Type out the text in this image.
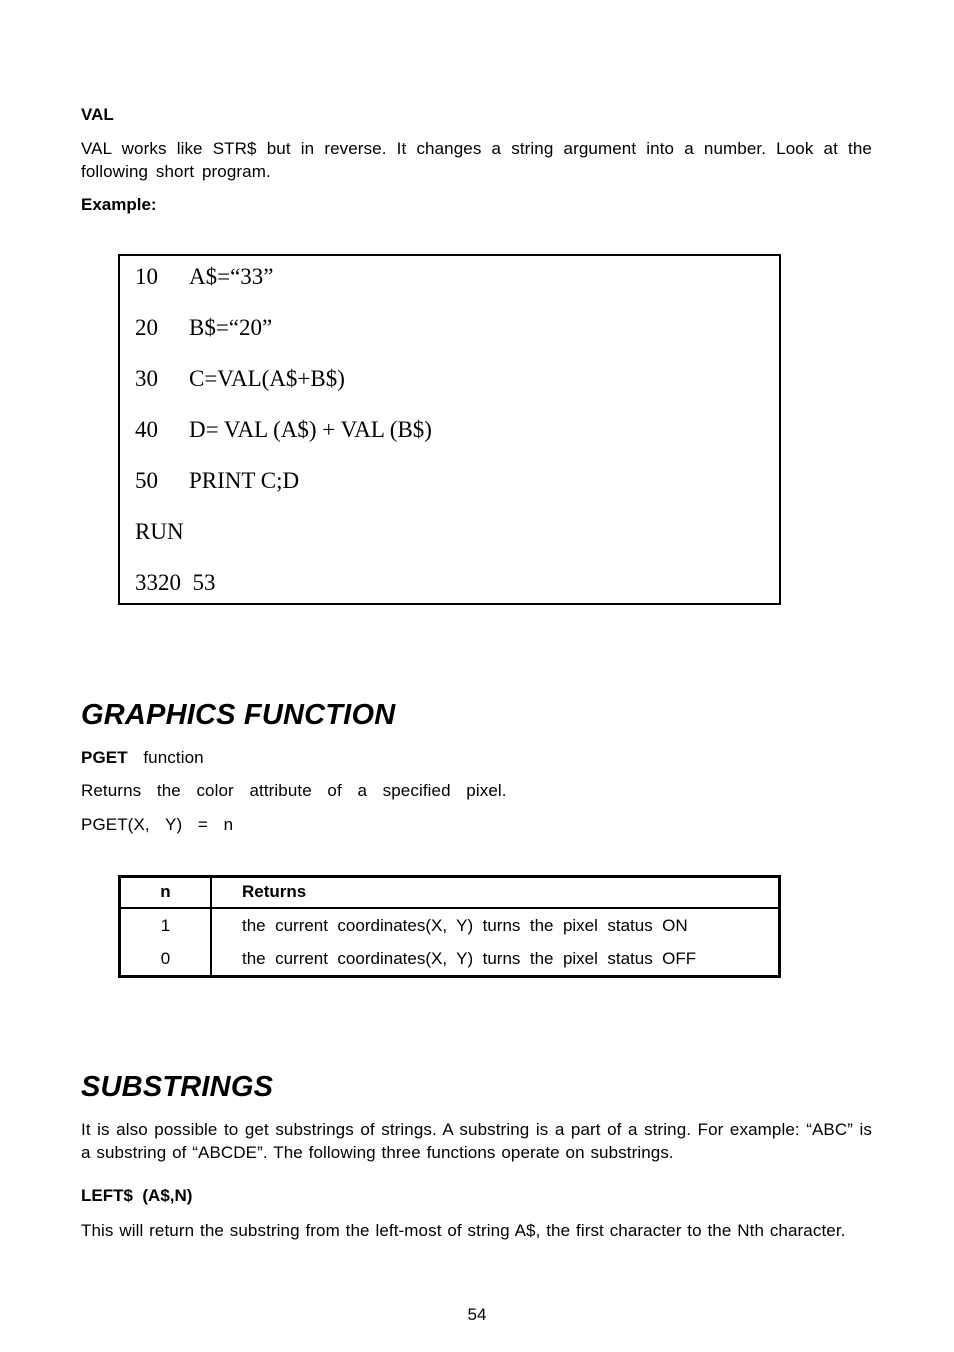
VAL
VAL works like STR$ but in reverse. It changes a string argument into a number. Look at the following short program.
Example:
10 A$=“33”
20 B$=“20”
30 C=VAL(A$+B$)
40 D= VAL (A$) + VAL (B$)
50 PRINT C;D
RUN
3320  53
GRAPHICS FUNCTION
PGET function
Returns  the  color  attribute  of  a  specified  pixel.
PGET(X,  Y)  =  n
n	Returns
1	the  current  coordinates(X,  Y)  turns  the  pixel  status  ON
0	the  current  coordinates(X,  Y)  turns  the  pixel  status  OFF
SUBSTRINGS
It is also possible to get substrings of strings. A substring is a part of a string. For example: “ABC” is a substring of “ABCDE”. The following three functions operate on substrings.
LEFT$  (A$,N)
This will return the substring from the left-most of string A$, the first character to the Nth character.
54
